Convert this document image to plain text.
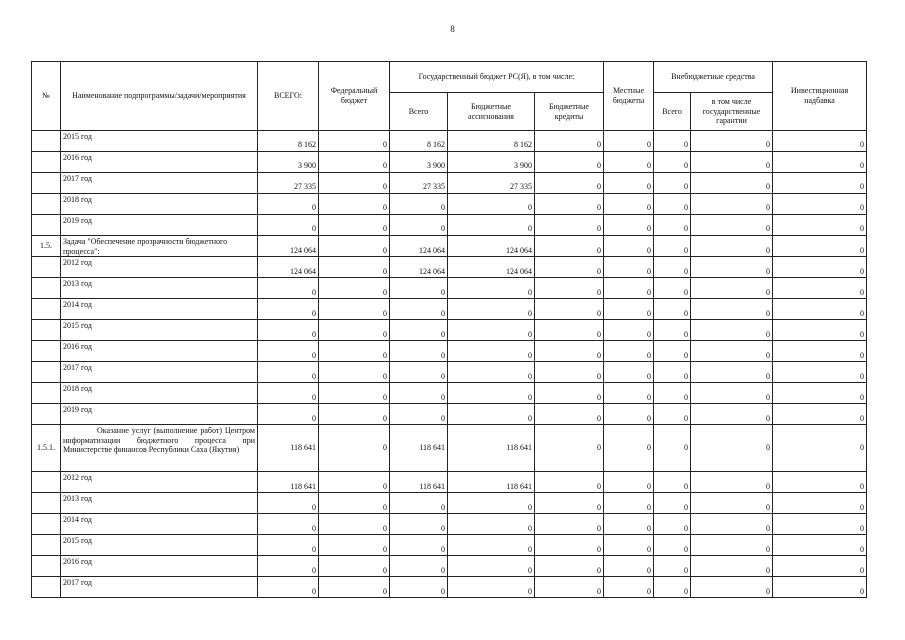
8
№	Наименование подпрограммы/задачи/мероприятия	ВСЕГО:	Федеральный бюджет	Государственный бюджет РС(Я), в том числе:			Местные бюджеты	Внебюджетные средства		Инвестиционная надбавка
				Всего	Бюджетные ассигнования	Бюджетные кредиты		Всего	в том числе государственные гарантии	
	2015 год	8 162	0	8 162	8 162	0	0	0	0	0
	2016 год	3 900	0	3 900	3 900	0	0	0	0	0
	2017 год	27 335	0	27 335	27 335	0	0	0	0	0
	2018 год	0	0	0	0	0	0	0	0	0
	2019 год	0	0	0	0	0	0	0	0	0
1.5.	Задача "Обеспечение прозрачности бюджетного процесса":	124 064	0	124 064	124 064	0	0	0	0	0
	2012 год	124 064	0	124 064	124 064	0	0	0	0	0
	2013 год	0	0	0	0	0	0	0	0	0
	2014 год	0	0	0	0	0	0	0	0	0
	2015 год	0	0	0	0	0	0	0	0	0
	2016 год	0	0	0	0	0	0	0	0	0
	2017 год	0	0	0	0	0	0	0	0	0
	2018 год	0	0	0	0	0	0	0	0	0
	2019 год	0	0	0	0	0	0	0	0	0
1.5.1.	Оказание услуг (выполнение работ) Центром информатизации бюджетного процесса при Министерстве финансов Республики Саха (Якутия)	118 641	0	118 641	118 641	0	0	0	0	0
	2012 год	118 641	0	118 641	118 641	0	0	0	0	0
	2013 год	0	0	0	0	0	0	0	0	0
	2014 год	0	0	0	0	0	0	0	0	0
	2015 год	0	0	0	0	0	0	0	0	0
	2016 год	0	0	0	0	0	0	0	0	0
	2017 год	0	0	0	0	0	0	0	0	0
